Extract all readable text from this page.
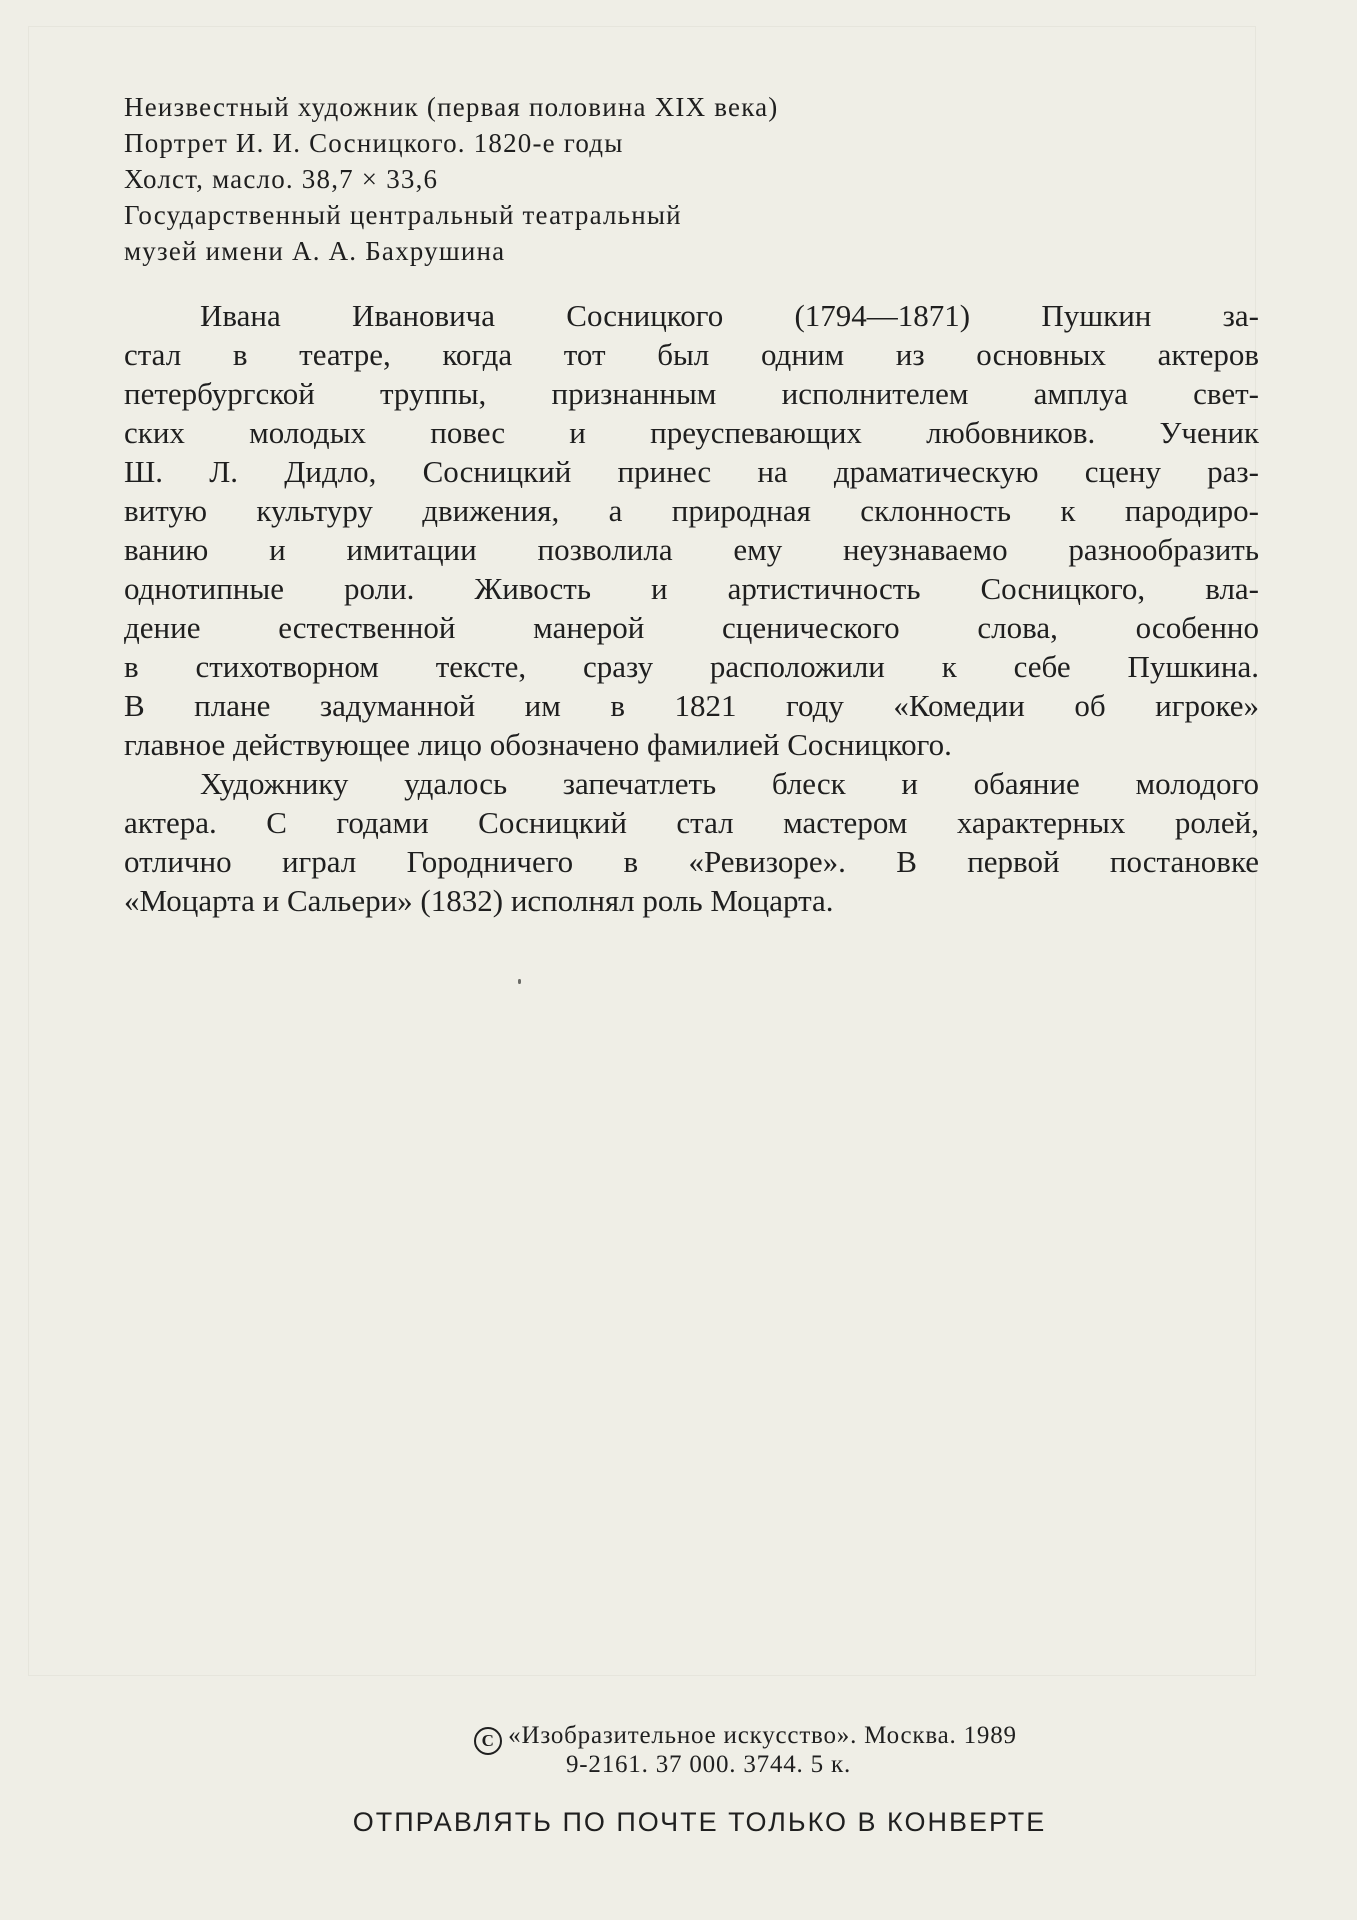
Неизвестный художник (первая половина XIX века)
Портрет И. И. Сосницкого. 1820-е годы
Холст, масло. 38,7 × 33,6
Государственный центральный театральный
музей имени А. А. Бахрушина
Ивана Ивановича Сосницкого (1794—1871) Пушкин за-
стал в театре, когда тот был одним из основных актеров
петербургской труппы, признанным исполнителем амплуа свет-
ских молодых повес и преуспевающих любовников. Ученик
Ш. Л. Дидло, Сосницкий принес на драматическую сцену раз-
витую культуру движения, а природная склонность к пародиро-
ванию и имитации позволила ему неузнаваемо разнообразить
однотипные роли. Живость и артистичность Сосницкого, вла-
дение естественной манерой сценического слова, особенно
в стихотворном тексте, сразу расположили к себе Пушкина.
В плане задуманной им в 1821 году «Комедии об игроке»
главное действующее лицо обозначено фамилией Сосницкого.
Художнику удалось запечатлеть блеск и обаяние молодого
актера. С годами Сосницкий стал мастером характерных ролей,
отлично играл Городничего в «Ревизоре». В первой постановке
«Моцарта и Сальери» (1832) исполнял роль Моцарта.
C «Изобразительное искусство». Москва. 1989
9-2161. 37 000. 3744. 5 к.
ОТПРАВЛЯТЬ ПО ПОЧТЕ ТОЛЬКО В КОНВЕРТЕ
